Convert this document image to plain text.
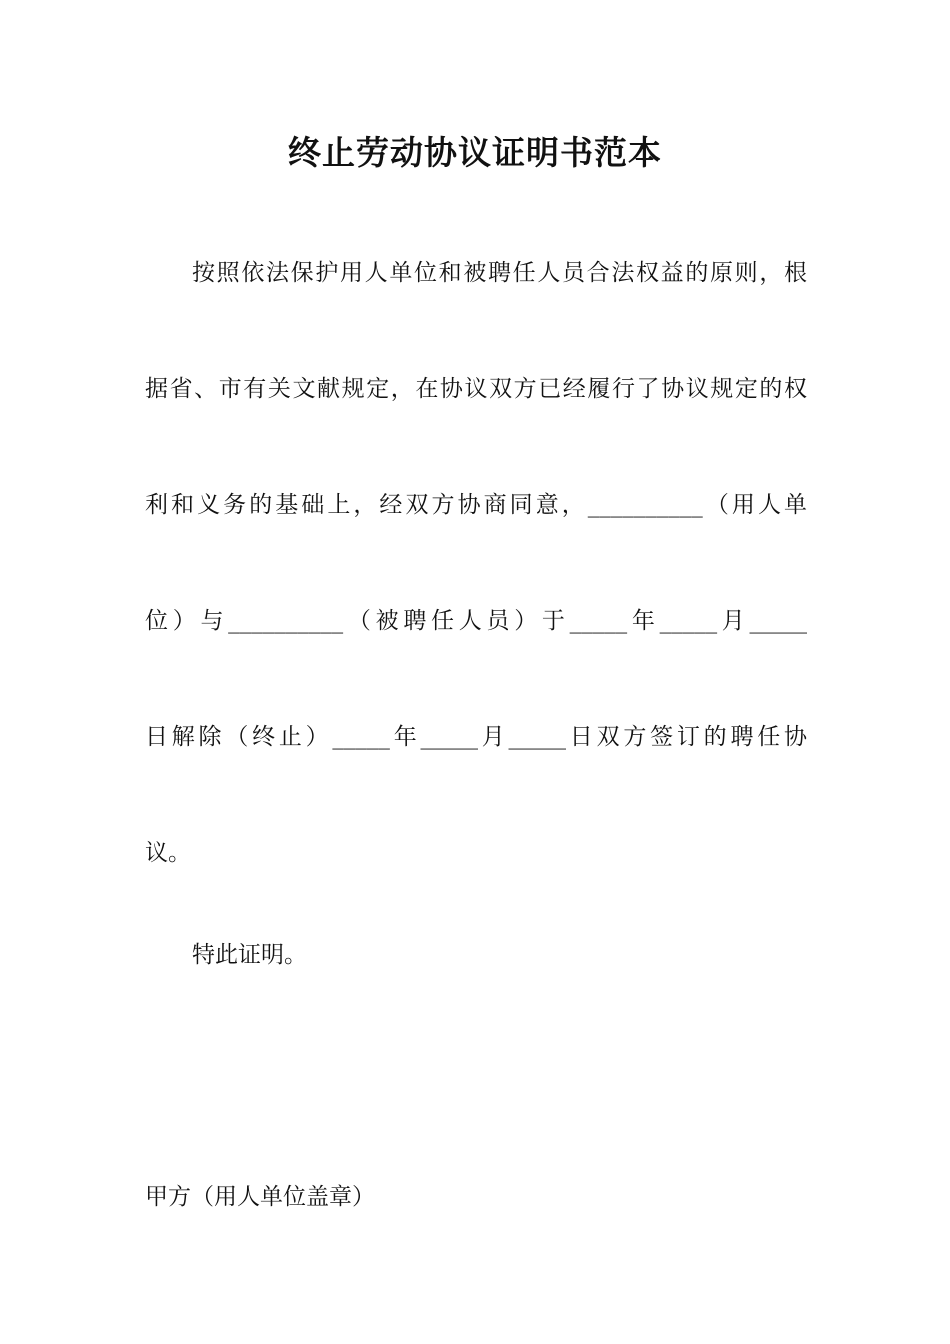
终止劳动协议证明书范本
按照依法保护用人单位和被聘任人员合法权益的原则，根
据省、市有关文献规定，在协议双方已经履行了协议规定的权
利和义务的基础上，经双方协商同意，__________（用人单
位）与__________（被聘任人员）于_____年_____月_____
日解除（终止）_____年_____月_____日双方签订的聘任协
议。
特此证明。
甲方（用人单位盖章）
